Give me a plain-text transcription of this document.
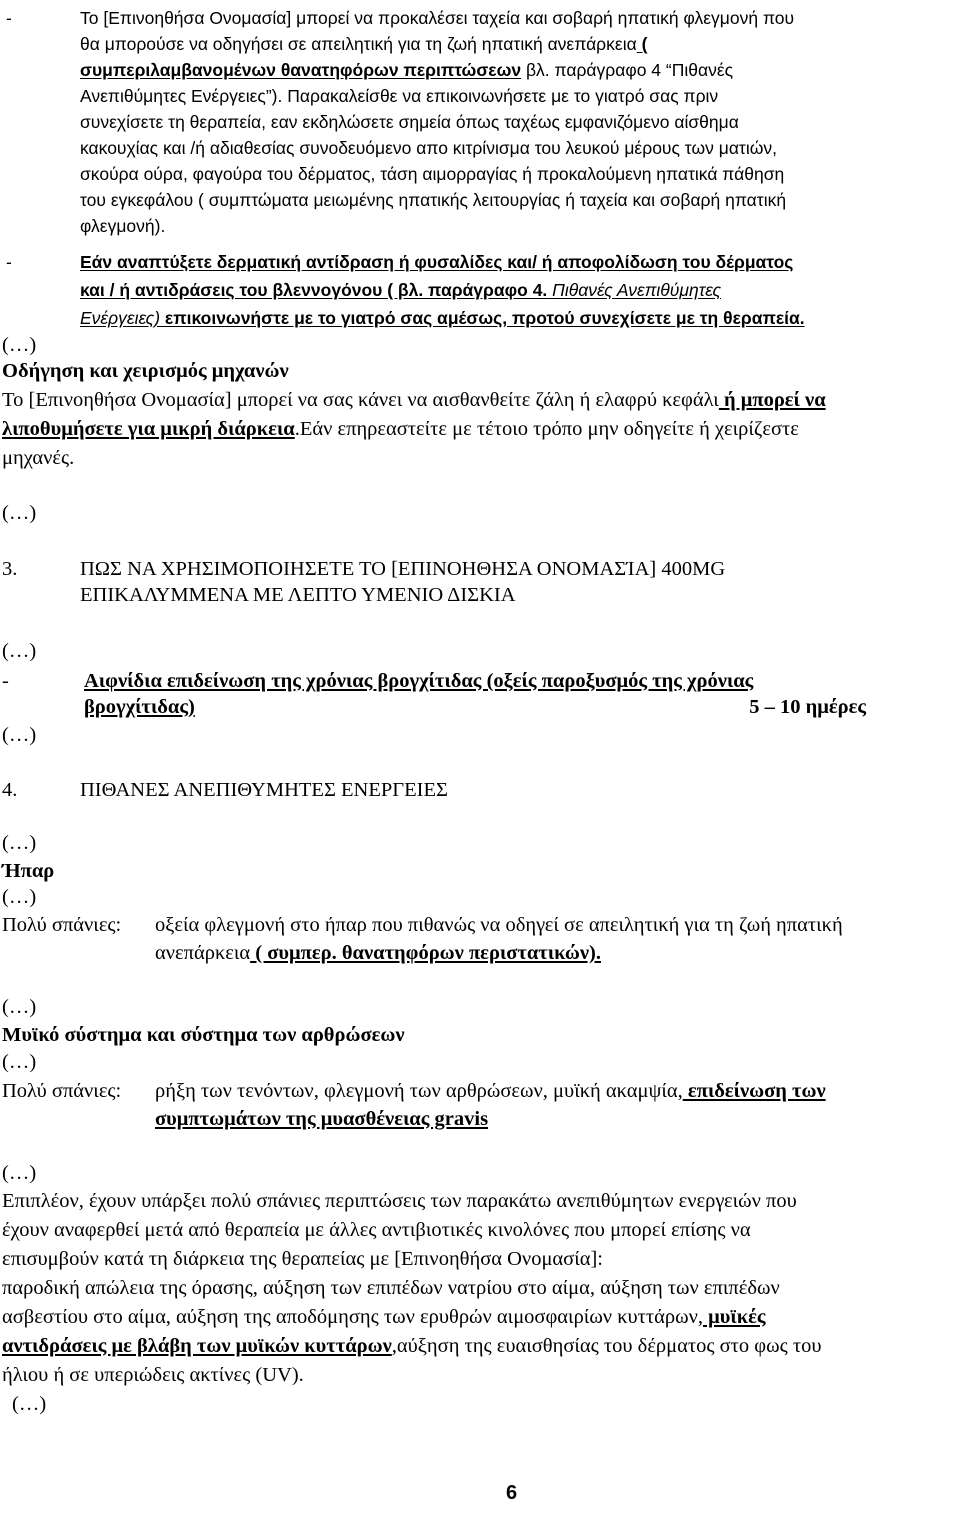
-	Το [Επινοηθήσα Ονομασία] μπορεί να προκαλέσει ταχεία και σοβαρή ηπατική φλεγμονή που
θα μπορούσε να οδηγήσει σε απειλητική για τη ζωή ηπατική ανεπάρκεια (
συμπεριλαμβανομένων θανατηφόρων περιπτώσεων βλ. παράγραφο 4 “Πιθανές
Ανεπιθύμητες Ενέργειες”). Παρακαλείσθε να επικοινωνήσετε με το γιατρό σας πριν
συνεχίσετε τη θεραπεία, εαν εκδηλώσετε σημεία όπως ταχέως εμφανιζόμενο αίσθημα
κακουχίας και /ή αδιαθεσίας συνοδευόμενο απο κιτρίνισμα του λευκού μέρους των ματιών,
σκούρα ούρα, φαγούρα του δέρματος, τάση αιμορραγίας ή προκαλούμενη ηπατικά πάθηση
του εγκεφάλου ( συμπτώματα μειωμένης ηπατικής λειτουργίας ή ταχεία και σοβαρή ηπατική
φλεγμονή).
-	Εάν αναπτύξετε δερματική αντίδραση ή φυσαλίδες και/ ή αποφολίδωση του δέρματος
και / ή αντιδράσεις του βλεννογόνου ( βλ. παράγραφο 4. Πιθανές Ανεπιθύμητες
Ενέργειες) επικοινωνήστε με το γιατρό σας αμέσως, προτού συνεχίσετε με τη θεραπεία.
(…)
Οδήγηση και χειρισμός μηχανών
Το [Επινοηθήσα Ονομασία] μπορεί να σας κάνει να αισθανθείτε ζάλη ή ελαφρύ κεφάλι ή μπορεί να
λιποθυμήσετε για μικρή διάρκεια.Εάν επηρεαστείτε με τέτοιο τρόπο μην οδηγείτε ή χειρίζεστε
μηχανές.
(…)
3.	ΠΩΣ ΝΑ ΧΡΗΣΙΜΟΠΟΙΗΣΕΤΕ ΤΟ [ΕΠΙΝΟΗΘΗΣΑ ΟΝΟΜΑΣΊΑ] 400MG
ΕΠΙΚΑΛΥΜΜΕΝΑ ΜΕ ΛΕΠΤΟ ΥΜΕΝΙΟ ΔΙΣΚΙΑ
(…)
-	Αιφνίδια επιδείνωση της χρόνιας βρογχίτιδας (οξείς παροξυσμός της χρόνιας
βρογχίτιδας)	5 – 10 ημέρες

(…)
4.	ΠΙΘΑΝΕΣ ΑΝΕΠΙΘΥΜΗΤΕΣ ΕΝΕΡΓΕΙΕΣ
(…)
Ήπαρ
(…)
Πολύ σπάνιες: οξεία φλεγμονή στο ήπαρ που πιθανώς να οδηγεί σε απειλητική για τη ζωή ηπατική
ανεπάρκεια ( συμπερ. θανατηφόρων περιστατικών).
(…)
Μυϊκό σύστημα και σύστημα των αρθρώσεων
(…)
Πολύ σπάνιες: ρήξη των τενόντων, φλεγμονή των αρθρώσεων, μυϊκή ακαμψία, επιδείνωση των
συμπτωμάτων της μυασθένειας gravis
(…)
Επιπλέον, έχουν υπάρξει πολύ σπάνιες περιπτώσεις των παρακάτω ανεπιθύμητων ενεργειών που
έχουν αναφερθεί μετά από θεραπεία με άλλες αντιβιοτικές κινολόνες που μπορεί επίσης να
επισυμβούν κατά τη διάρκεια της θεραπείας με [Επινοηθήσα Ονομασία]:
παροδική απώλεια της όρασης, αύξηση των επιπέδων νατρίου στο αίμα, αύξηση των επιπέδων
ασβεστίου στο αίμα, αύξηση της αποδόμησης των ερυθρών αιμοσφαιρίων κυττάρων, μυϊκές
αντιδράσεις με βλάβη των μυϊκών κυττάρων,αύξηση της ευαισθησίας του δέρματος στο φως του
ήλιου ή σε υπεριώδεις ακτίνες (UV).
(…)
6
